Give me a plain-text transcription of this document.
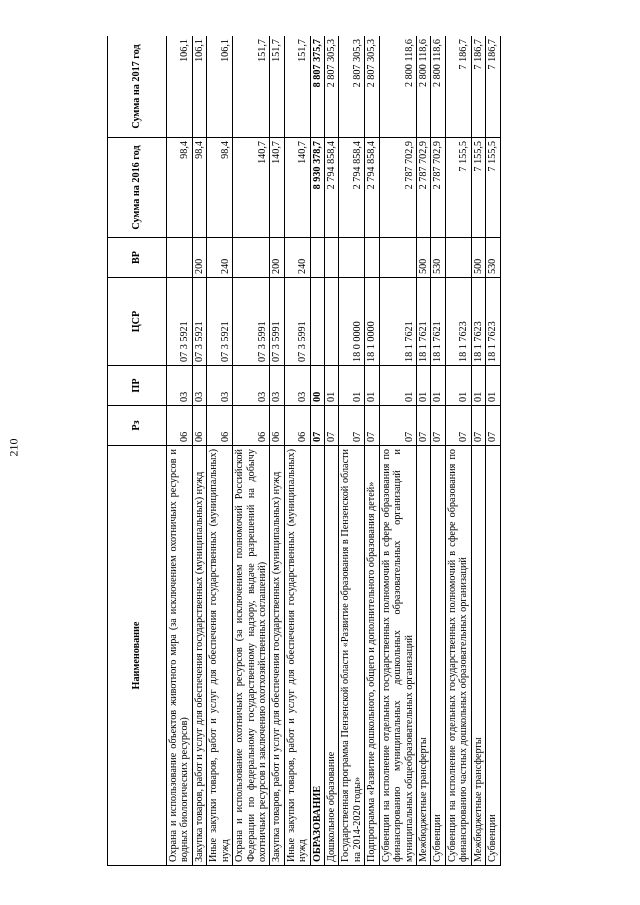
210
Наименование	Рз	ПР	ЦСР	ВР	Сумма на 2016 год	Сумма на 2017 год
Охрана и использование объектов животного мира (за исключением охотничьих ресурсов и водных биологических ресурсов)	06	03	07 3 5921		98,4	106,1
Закупка товаров, работ и услуг для обеспечения государственных (муниципальных) нужд	06	03	07 3 5921	200	98,4	106,1
Иные закупки товаров, работ и услуг для обеспечения государственных (муниципальных) нужд	06	03	07 3 5921	240	98,4	106,1
Охрана и использование охотничьих ресурсов (за исключением полномочий Российской Федерации по федеральному государственному надзору, выдаче разрешений на добычу охотничьих ресурсов и заключению охотхозяйственных соглашений)	06	03	07 3 5991		140,7	151,7
Закупка товаров, работ и услуг для обеспечения государственных (муниципальных) нужд	06	03	07 3 5991	200	140,7	151,7
Иные закупки товаров, работ и услуг для обеспечения государственных (муниципальных) нужд	06	03	07 3 5991	240	140,7	151,7
ОБРАЗОВАНИЕ	07	00			8 930 378,7	8 807 375,7
Дошкольное образование	07	01			2 794 858,4	2 807 305,3
Государственная программа Пензенской области «Развитие образования в Пензенской области на 2014-2020 годы»	07	01	18 0 0000		2 794 858,4	2 807 305,3
Подпрограмма «Развитие дошкольного, общего и дополнительного образования детей»	07	01	18 1 0000		2 794 858,4	2 807 305,3
Субвенции на исполнение отдельных государственных полномочий в сфере образования по финансированию муниципальных дошкольных образовательных организаций и муниципальных общеобразовательных организаций	07	01	18 1 7621		2 787 702,9	2 800 118,6
Межбюджетные трансферты	07	01	18 1 7621	500	2 787 702,9	2 800 118,6
Субвенции	07	01	18 1 7621	530	2 787 702,9	2 800 118,6
Субвенции на исполнение отдельных государственных полномочий в сфере образования по финансированию частных дошкольных образовательных организаций	07	01	18 1 7623		7 155,5	7 186,7
Межбюджетные трансферты	07	01	18 1 7623	500	7 155,5	7 186,7
Субвенции	07	01	18 1 7623	530	7 155,5	7 186,7
